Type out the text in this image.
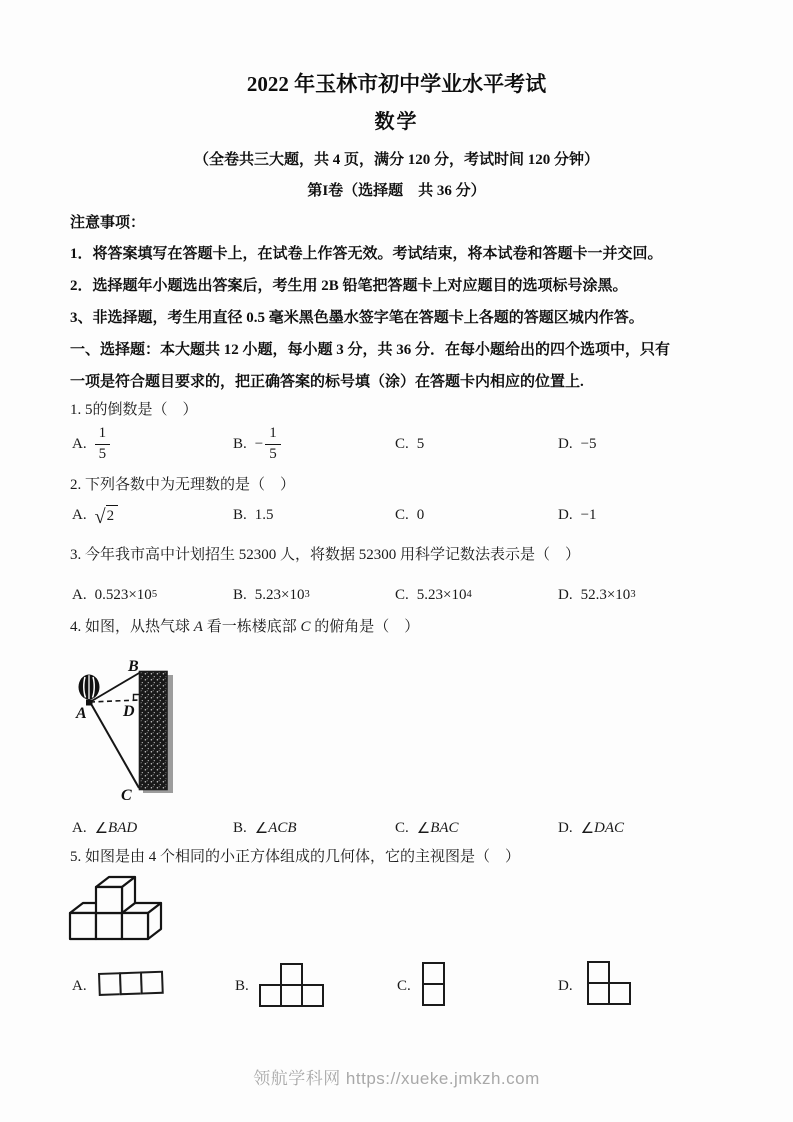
2022 年玉林市初中学业水平考试
数学
（全卷共三大题，共 4 页，满分 120 分，考试时间 120 分钟）
第I卷（选择题　共 36 分）
注意事项：
1．将答案填写在答题卡上，在试卷上作答无效。考试结束，将本试卷和答题卡一并交回。
2．选择题年小题选出答案后，考生用 2B 铅笔把答题卡上对应题目的选项标号涂黑。
3、非选择题，考生用直径 0.5 毫米黑色墨水签字笔在答题卡上各题的答题区城内作答。
一、选择题：本大题共 12 小题，每小题 3 分，共 36 分．在每小题给出的四个选项中，只有
一项是符合题目要求的，把正确答案的标号填（涂）在答题卡内相应的位置上.
1. 5的倒数是（　）
A. $\frac{1}{5}$	B. − $\frac{1}{5}$	C. 5	D. −5
2. 下列各数中为无理数的是（　）
A. √ 2	B. 1.5	C. 0	D. −1
3. 今年我市高中计划招生 52300 人，将数据 52300 用科学记数法表示是（　）
A. 0.523×10 5	B. 5.23×10 3	C. 5.23×10 4	D. 52.3×10 3
4. 如图，从热气球 A 看一栋楼底部 C 的俯角是（　）
B
A D
C
A. ∠ BAD	B. ∠ ACB	C. ∠ BAC	D. ∠ DAC
5. 如图是由 4 个相同的小正方体组成的几何体，它的主视图是（　）
A.	B.	C.	D.
领航学科网 https://xueke.jmkzh.com
